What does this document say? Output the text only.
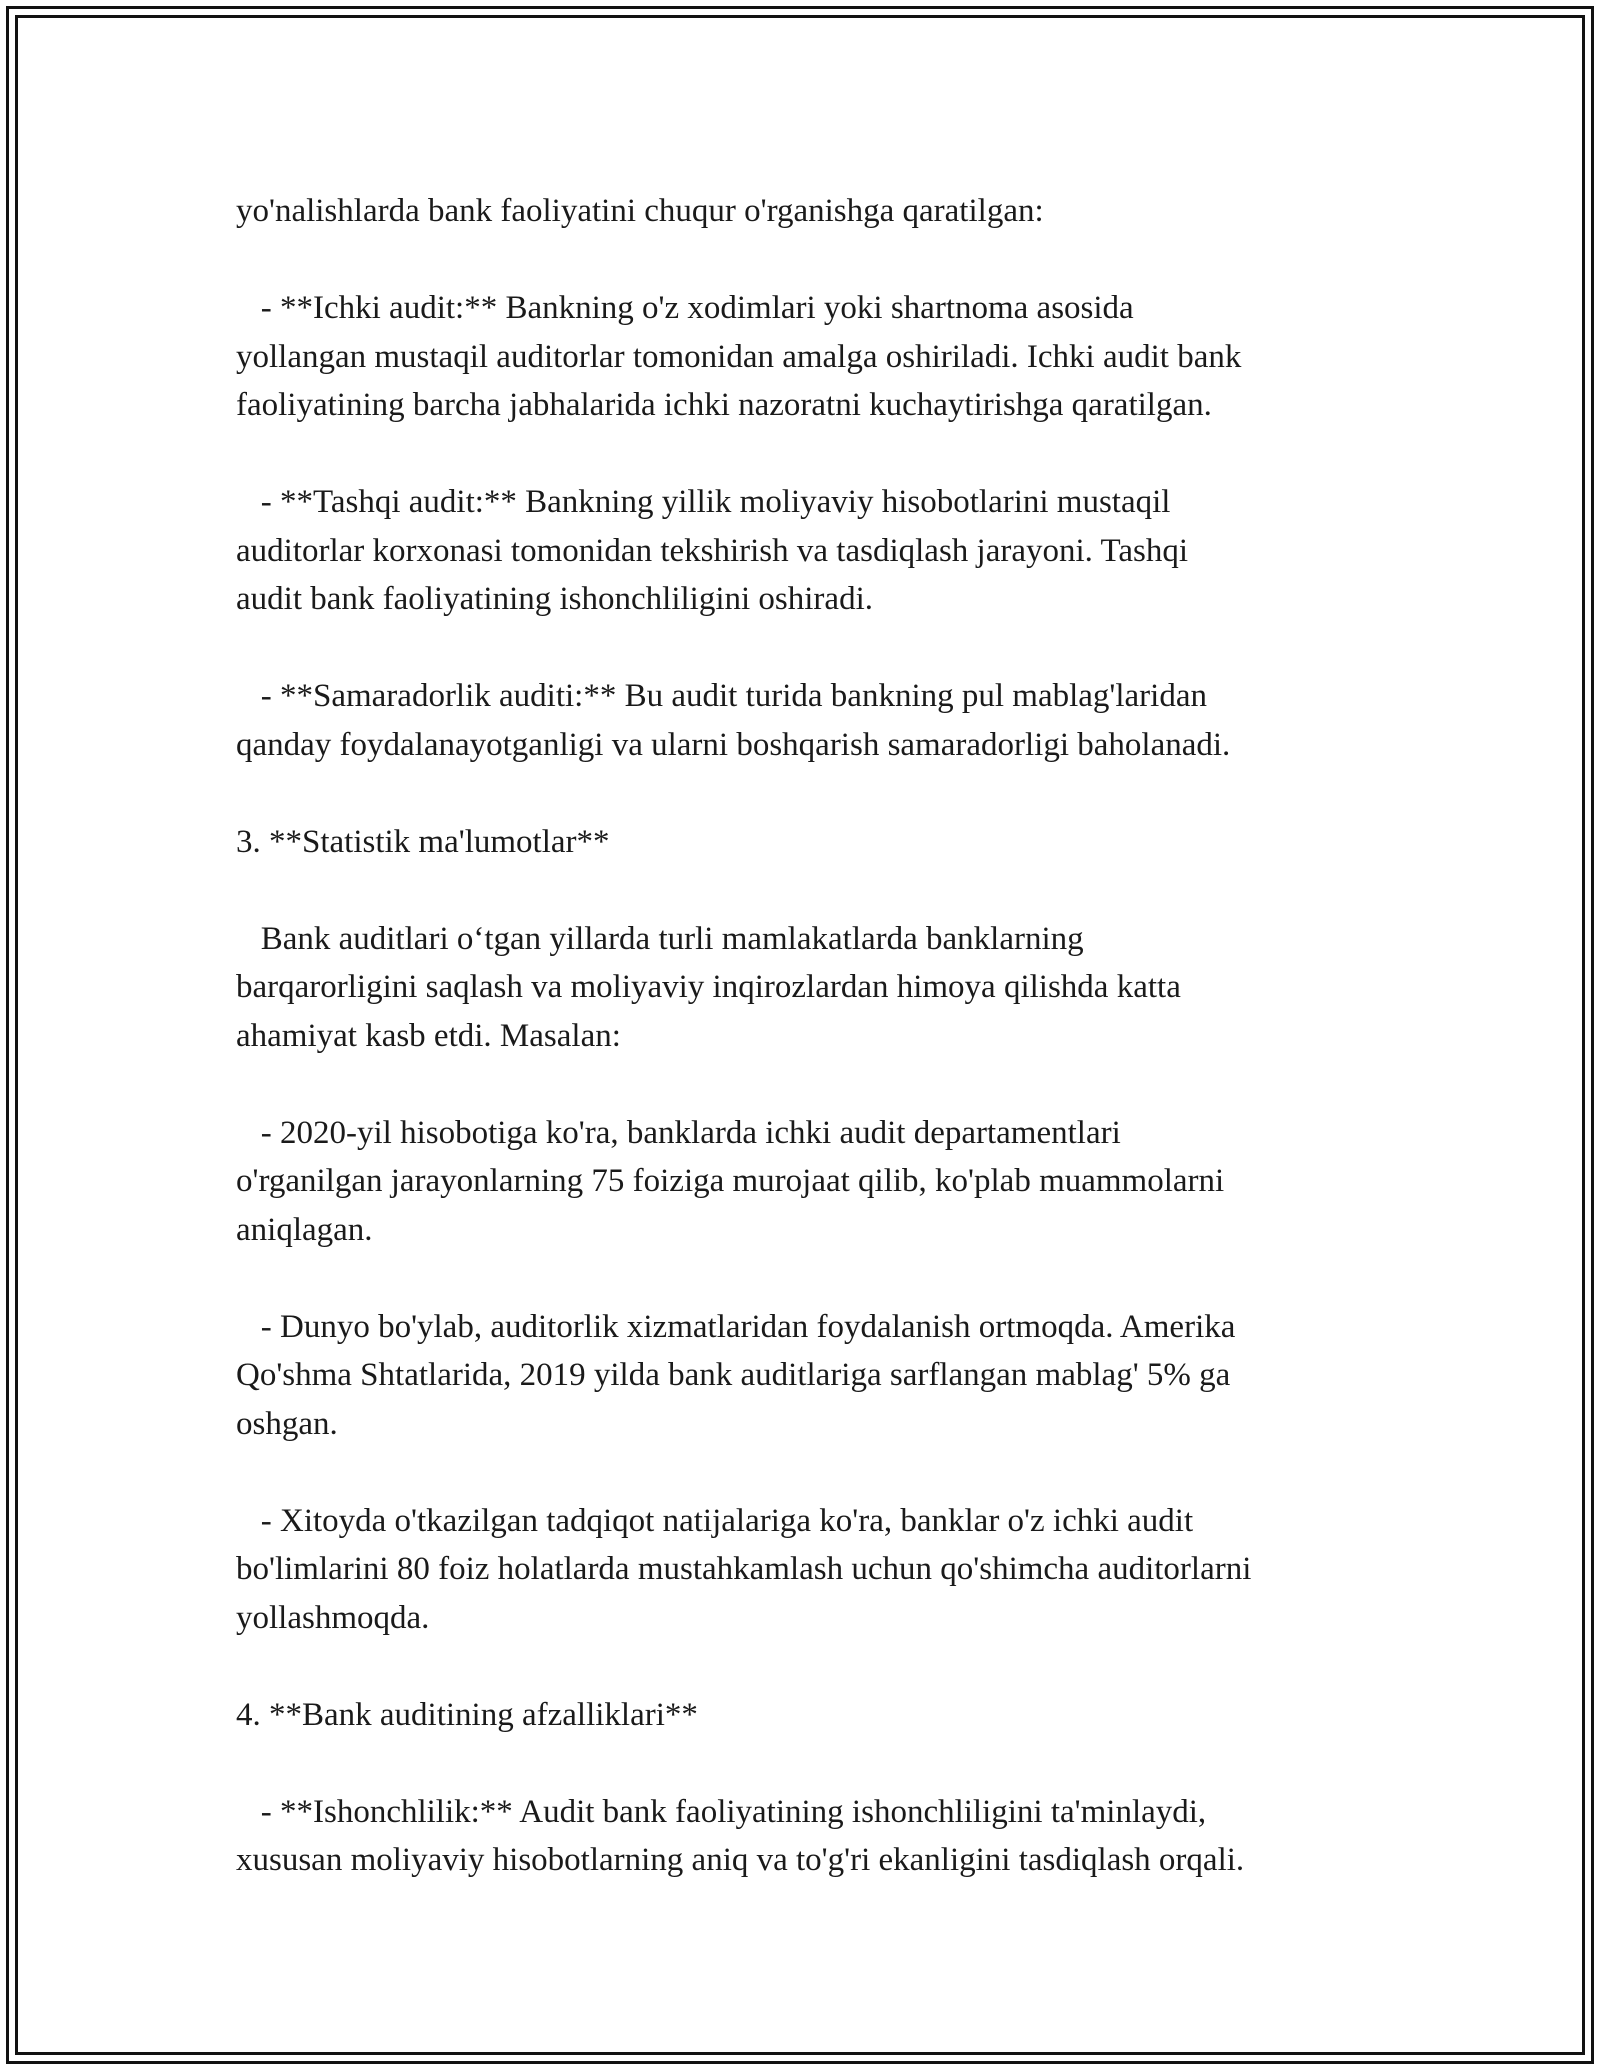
yo'nalishlarda bank faoliyatini chuqur o'rganishga qaratilgan:

- **Ichki audit:** Bankning o'z xodimlari yoki shartnoma asosida
yollangan mustaqil auditorlar tomonidan amalga oshiriladi. Ichki audit bank
faoliyatining barcha jabhalarida ichki nazoratni kuchaytirishga qaratilgan.

- **Tashqi audit:** Bankning yillik moliyaviy hisobotlarini mustaqil
auditorlar korxonasi tomonidan tekshirish va tasdiqlash jarayoni. Tashqi
audit bank faoliyatining ishonchliligini oshiradi.

- **Samaradorlik auditi:** Bu audit turida bankning pul mablag'laridan
qanday foydalanayotganligi va ularni boshqarish samaradorligi baholanadi.

3. **Statistik ma'lumotlar**

Bank auditlari o‘tgan yillarda turli mamlakatlarda banklarning
barqarorligini saqlash va moliyaviy inqirozlardan himoya qilishda katta
ahamiyat kasb etdi. Masalan:

- 2020-yil hisobotiga ko'ra, banklarda ichki audit departamentlari
o'rganilgan jarayonlarning 75 foiziga murojaat qilib, ko'plab muammolarni
aniqlagan.

- Dunyo bo'ylab, auditorlik xizmatlaridan foydalanish ortmoqda. Amerika
Qo'shma Shtatlarida, 2019 yilda bank auditlariga sarflangan mablag' 5% ga
oshgan.

- Xitoyda o'tkazilgan tadqiqot natijalariga ko'ra, banklar o'z ichki audit
bo'limlarini 80 foiz holatlarda mustahkamlash uchun qo'shimcha auditorlarni
yollashmoqda.

4. **Bank auditining afzalliklari**

- **Ishonchlilik:** Audit bank faoliyatining ishonchliligini ta'minlaydi,
xususan moliyaviy hisobotlarning aniq va to'g'ri ekanligini tasdiqlash orqali.
